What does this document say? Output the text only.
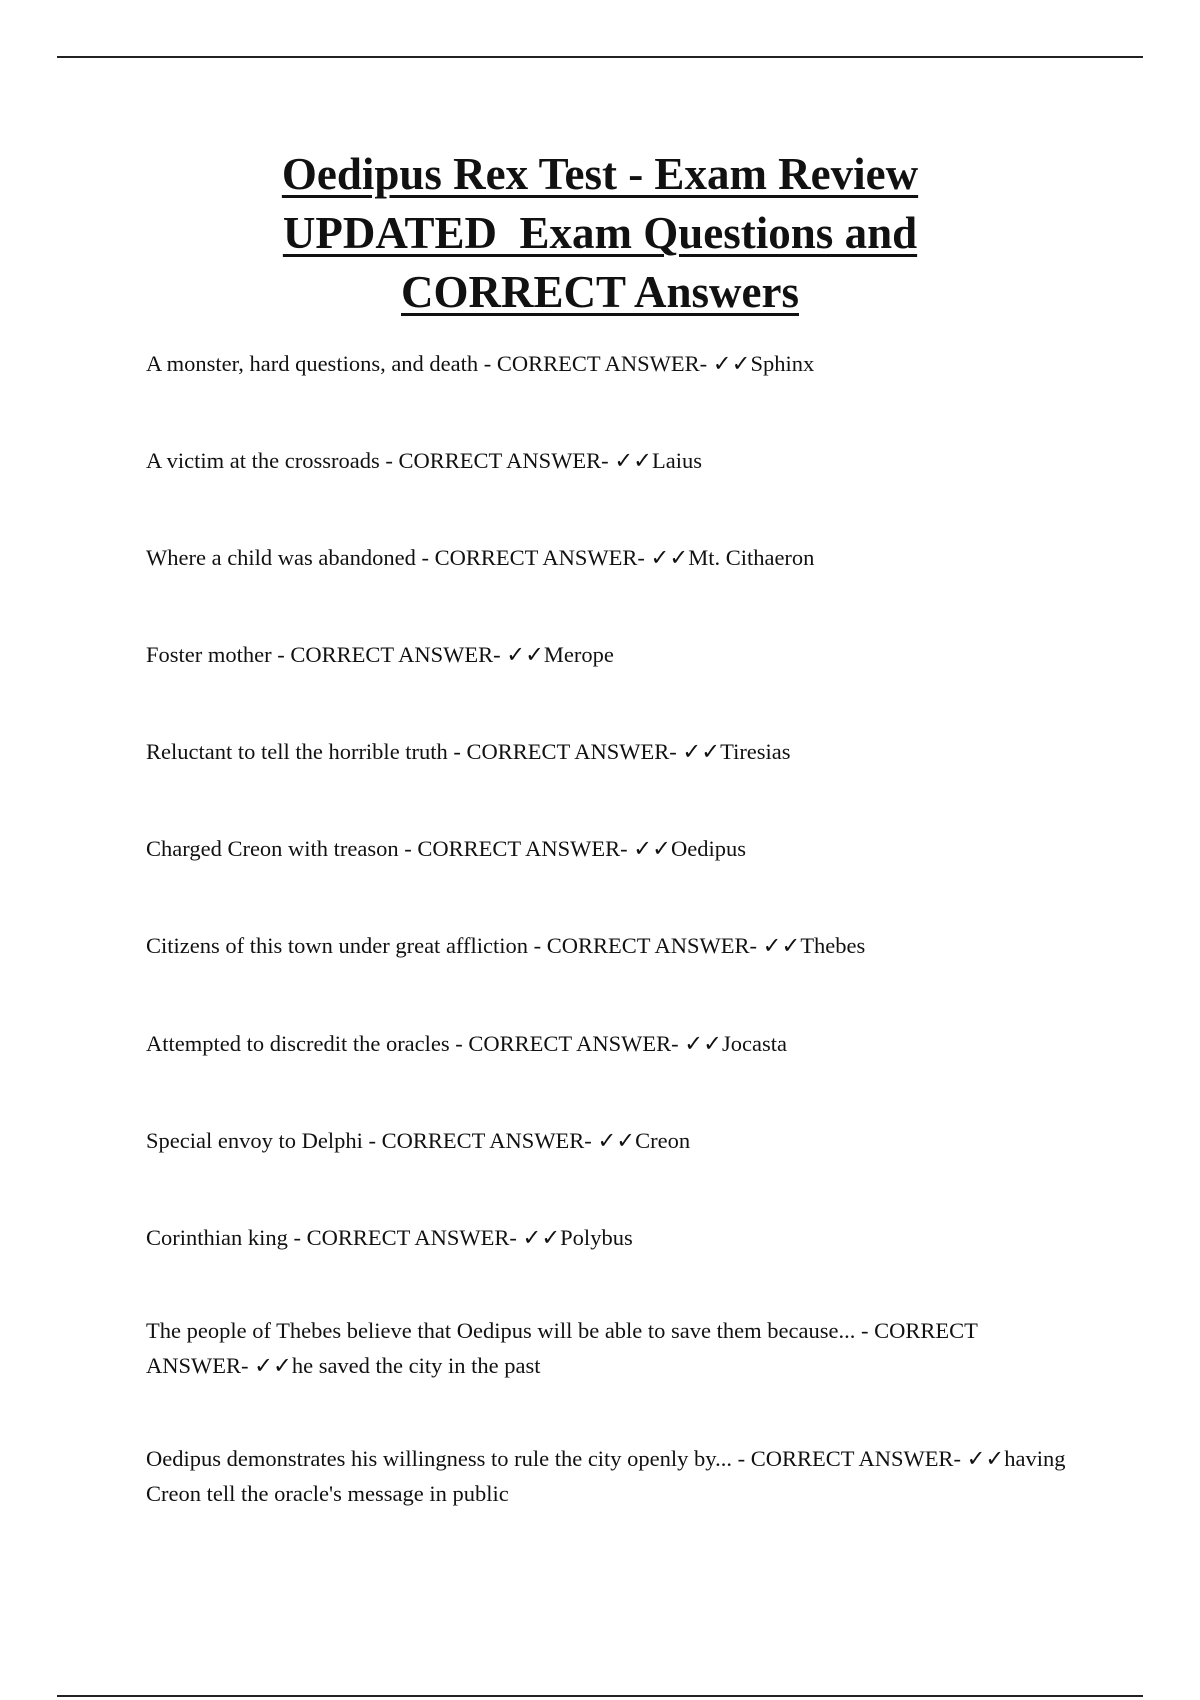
Oedipus Rex Test - Exam Review
UPDATED  Exam Questions and
CORRECT Answers

A monster, hard questions, and death - CORRECT ANSWER- ✓✓Sphinx

A victim at the crossroads - CORRECT ANSWER- ✓✓Laius

Where a child was abandoned - CORRECT ANSWER- ✓✓Mt. Cithaeron

Foster mother - CORRECT ANSWER- ✓✓Merope

Reluctant to tell the horrible truth - CORRECT ANSWER- ✓✓Tiresias

Charged Creon with treason - CORRECT ANSWER- ✓✓Oedipus

Citizens of this town under great affliction - CORRECT ANSWER- ✓✓Thebes

Attempted to discredit the oracles - CORRECT ANSWER- ✓✓Jocasta

Special envoy to Delphi - CORRECT ANSWER- ✓✓Creon

Corinthian king - CORRECT ANSWER- ✓✓Polybus

The people of Thebes believe that Oedipus will be able to save them because... - CORRECT ANSWER- ✓✓he saved the city in the past

Oedipus demonstrates his willingness to rule the city openly by... - CORRECT ANSWER- ✓✓having Creon tell the oracle's message in public
